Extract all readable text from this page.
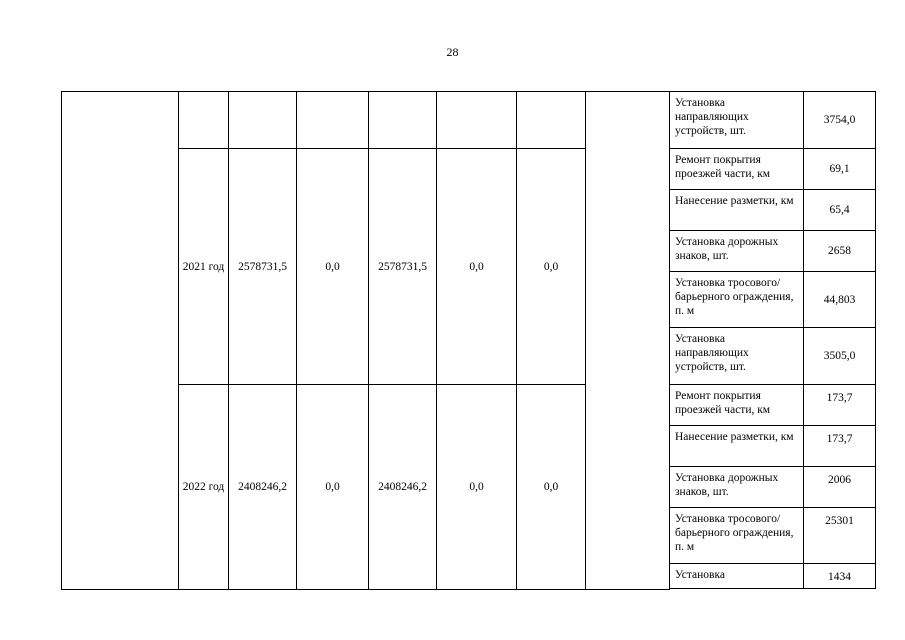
28
								Установка направляющих устройств, шт.	3754,0
	2021 год	2578731,5	0,0	2578731,5	0,0	0,0		Ремонт покрытия проезжей части, км	69,1
								Нанесение разметки, км	65,4
								Установка дорожных знаков, шт.	2658
								Установка тросового/барьерного ограждения, п. м	44,803
								Установка направляющих устройств, шт.	3505,0
	2022 год	2408246,2	0,0	2408246,2	0,0	0,0		Ремонт покрытия проезжей части, км	173,7
								Нанесение разметки, км	173,7
								Установка дорожных знаков, шт.	2006
								Установка тросового/барьерного ограждения, п. м	25301
								Установка	1434
